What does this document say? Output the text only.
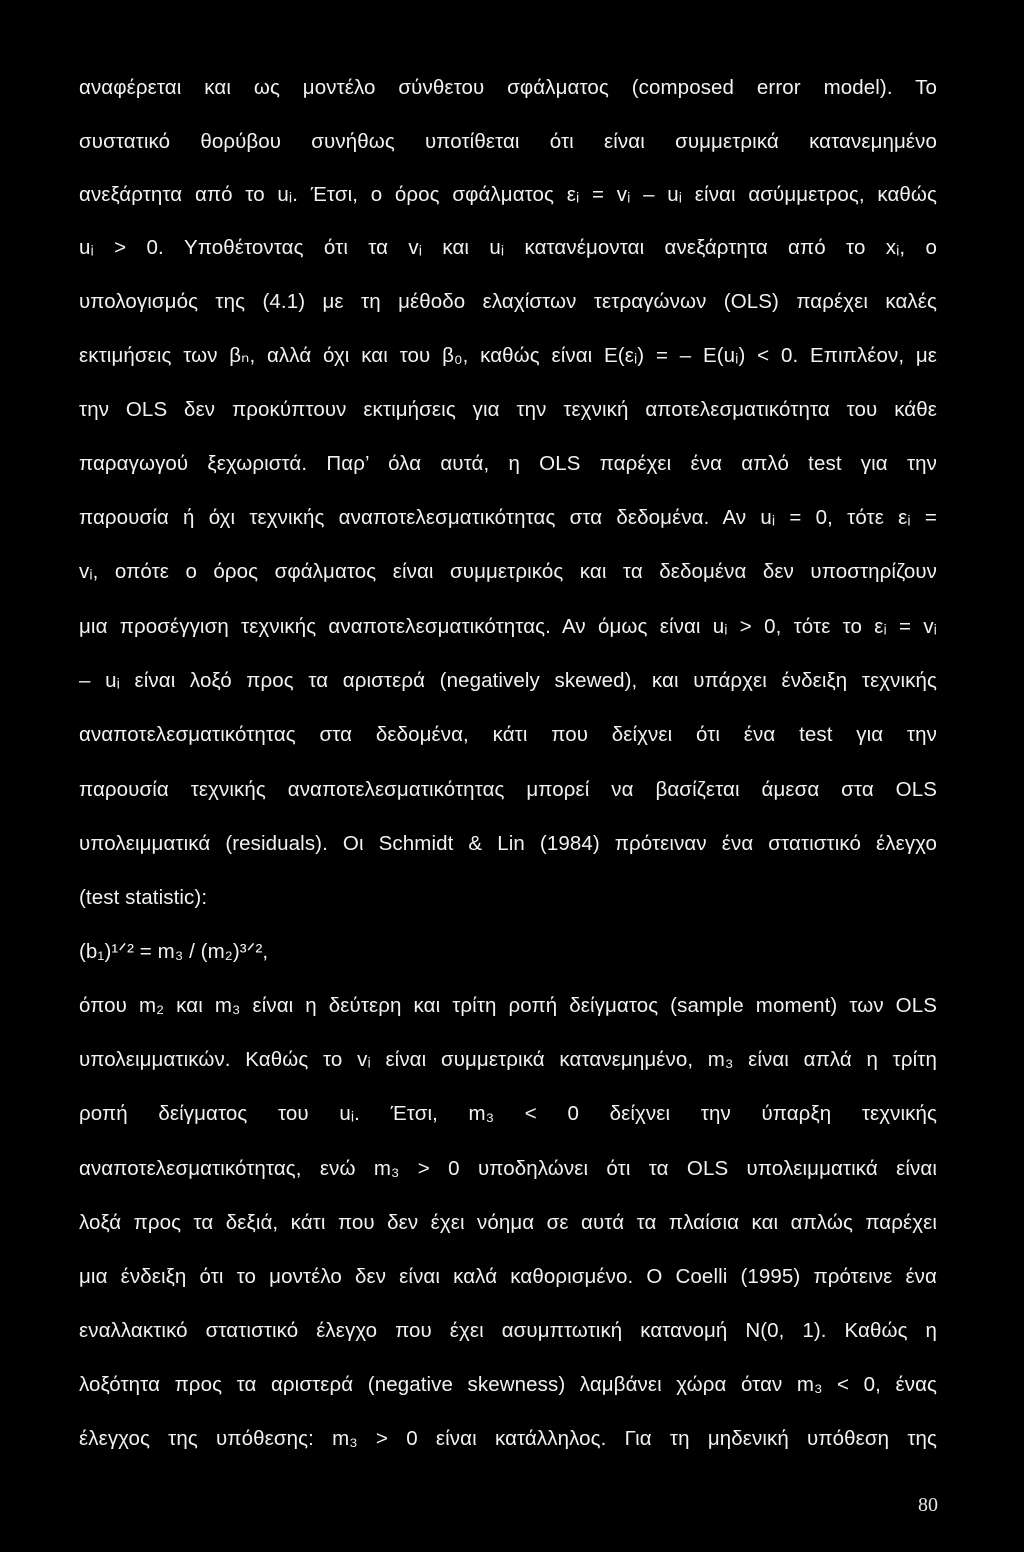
αναφέρεται και ως μοντέλο σύνθετου σφάλματος (composed error model). Το
συστατικό θορύβου συνήθως υποτίθεται ότι είναι συμμετρικά κατανεμημένο
ανεξάρτητα από το uᵢ. Έτσι, ο όρος σφάλματος εᵢ = vᵢ – uᵢ είναι ασύμμετρος, καθώς
uᵢ > 0. Υποθέτοντας ότι τα vᵢ και uᵢ κατανέμονται ανεξάρτητα από το xᵢ, ο
υπολογισμός της (4.1) με τη μέθοδο ελαχίστων τετραγώνων (OLS) παρέχει καλές
εκτιμήσεις των βₙ, αλλά όχι και του β₀, καθώς είναι Ε(εᵢ) = – Ε(uᵢ) < 0. Επιπλέον, με
την OLS δεν προκύπτουν εκτιμήσεις για την τεχνική αποτελεσματικότητα του κάθε
παραγωγού ξεχωριστά. Παρ’ όλα αυτά, η OLS παρέχει ένα απλό test για την
παρουσία ή όχι τεχνικής αναποτελεσματικότητας στα δεδομένα. Αν uᵢ = 0, τότε εᵢ =
vᵢ, οπότε ο όρος σφάλματος είναι συμμετρικός και τα δεδομένα δεν υποστηρίζουν
μια προσέγγιση τεχνικής αναποτελεσματικότητας. Αν όμως είναι uᵢ > 0, τότε το εᵢ = vᵢ
– uᵢ είναι λοξό προς τα αριστερά (negatively skewed), και υπάρχει ένδειξη τεχνικής
αναποτελεσματικότητας στα δεδομένα, κάτι που δείχνει ότι ένα test για την
παρουσία τεχνικής αναποτελεσματικότητας μπορεί να βασίζεται άμεσα στα OLS
υπολειμματικά (residuals). Οι Schmidt & Lin (1984) πρότειναν ένα στατιστικό έλεγχο
(test statistic):
(b₁)¹ᐟ² = m₃ / (m₂)³ᐟ²,
όπου m₂ και m₃ είναι η δεύτερη και τρίτη ροπή δείγματος (sample moment) των OLS
υπολειμματικών. Καθώς το vᵢ είναι συμμετρικά κατανεμημένο, m₃ είναι απλά η τρίτη
ροπή δείγματος του uᵢ. Έτσι, m₃ < 0 δείχνει την ύπαρξη τεχνικής
αναποτελεσματικότητας, ενώ m₃ > 0 υποδηλώνει ότι τα OLS υπολειμματικά είναι
λοξά προς τα δεξιά, κάτι που δεν έχει νόημα σε αυτά τα πλαίσια και απλώς παρέχει
μια ένδειξη ότι το μοντέλο δεν είναι καλά καθορισμένο. Ο Coelli (1995) πρότεινε ένα
εναλλακτικό στατιστικό έλεγχο που έχει ασυμπτωτική κατανομή N(0, 1). Καθώς η
λοξότητα προς τα αριστερά (negative skewness) λαμβάνει χώρα όταν m₃ < 0, ένας
έλεγχος της υπόθεσης: m₃ > 0 είναι κατάλληλος. Για τη μηδενική υπόθεση της
80
